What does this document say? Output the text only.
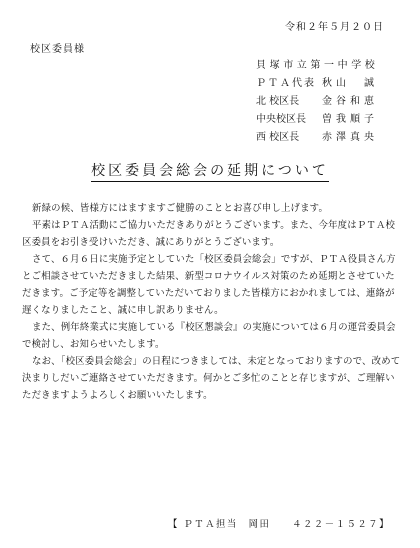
令和２年５月２０日
校区委員様
貝塚市立第一中学校
ＰＴＡ代表 秋山　誠
北 校区長 金谷和恵
中央校区長 曽我順子
西 校区長 赤澤真央
校区委員会総会の延期について

新緑の候、皆様方にはますますご健勝のこととお喜び申し上げます。

平素はＰＴＡ活動にご協力いただきありがとうございます。また、今年度はＰＴＡ校区委員をお引き受けいただき、誠にありがとうございます。

さて、６月６日に実施予定としていた「校区委員会総会」ですが、ＰＴＡ役員さん方とご相談させていただきました結果、新型コロナウイルス対策のため延期とさせていただきます。ご予定等を調整していただいておりました皆様方におかれましては、連絡が遅くなりましたこと、誠に申し訳ありません。

また、例年終業式に実施している『校区懇談会』の実施については６月の運営委員会で検討し、お知らせいたします。

なお、「校区委員会総会」の日程につきましては、未定となっておりますので、改めて決まりしだいご連絡させていただきます。何かとご多忙のことと存じますが、ご理解いただきますようよろしくお願いいたします。

【 ＰＴＡ担当　岡田　　４２２－１５２７】
